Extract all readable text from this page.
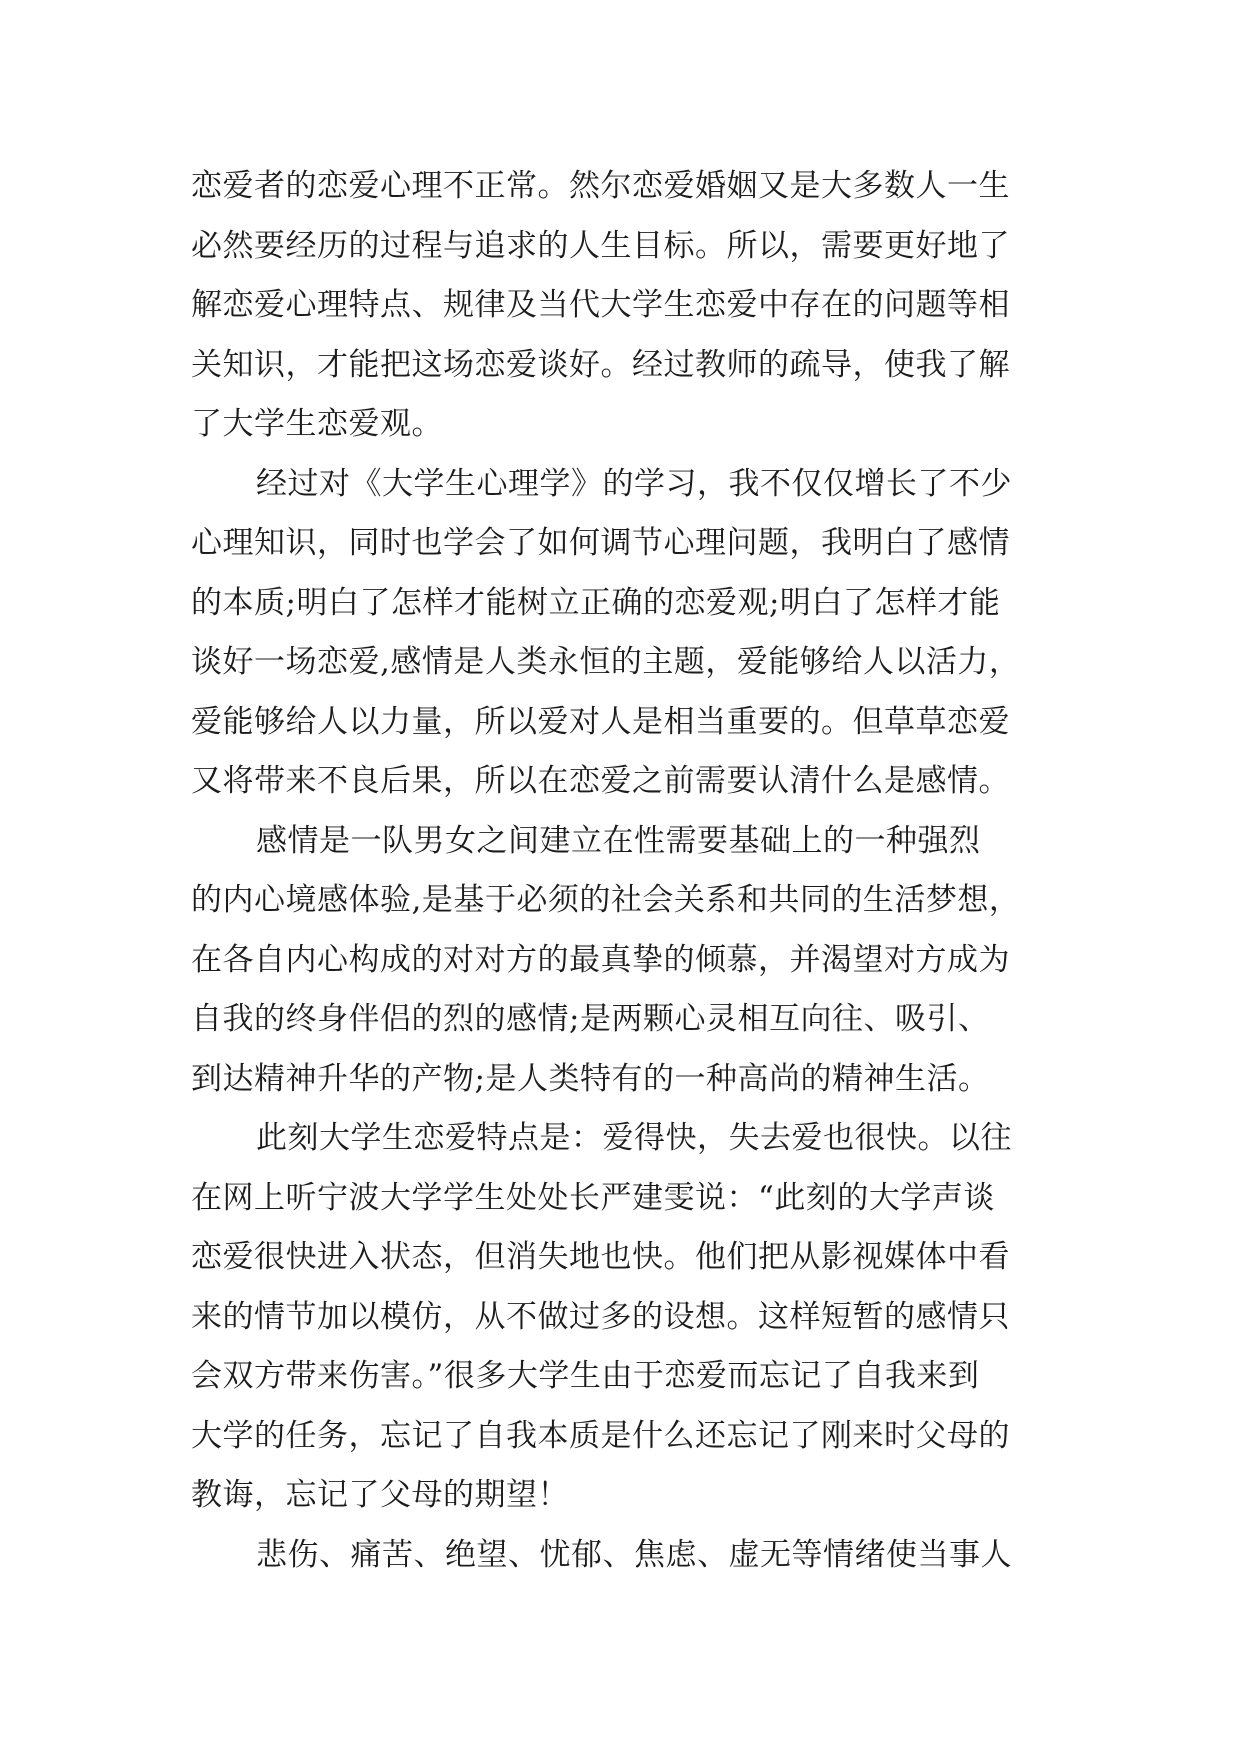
恋爱者的恋爱心理不正常。然尔恋爱婚姻又是大多数人一生
必然要经历的过程与追求的人生目标。所以，需要更好地了
解恋爱心理特点、规律及当代大学生恋爱中存在的问题等相
关知识，才能把这场恋爱谈好。经过教师的疏导，使我了解
了大学生恋爱观。
经过对《大学生心理学》的学习，我不仅仅增长了不少
心理知识，同时也学会了如何调节心理问题，我明白了感情
的本质;明白了怎样才能树立正确的恋爱观;明白了怎样才能
谈好一场恋爱,感情是人类永恒的主题，爱能够给人以活力，
爱能够给人以力量，所以爱对人是相当重要的。但草草恋爱
又将带来不良后果，所以在恋爱之前需要认清什么是感情。
感情是一队男女之间建立在性需要基础上的一种强烈
的内心境感体验,是基于必须的社会关系和共同的生活梦想，
在各自内心构成的对对方的最真挚的倾慕，并渴望对方成为
自我的终身伴侣的烈的感情;是两颗心灵相互向往、吸引、
到达精神升华的产物;是人类特有的一种高尚的精神生活。
此刻大学生恋爱特点是：爱得快，失去爱也很快。以往
在网上听宁波大学学生处处长严建雯说：“此刻的大学声谈
恋爱很快进入状态，但消失地也快。他们把从影视媒体中看
来的情节加以模仿，从不做过多的设想。这样短暂的感情只
会双方带来伤害。”很多大学生由于恋爱而忘记了自我来到
大学的任务，忘记了自我本质是什么还忘记了刚来时父母的
教诲，忘记了父母的期望！
悲伤、痛苦、绝望、忧郁、焦虑、虚无等情绪使当事人
